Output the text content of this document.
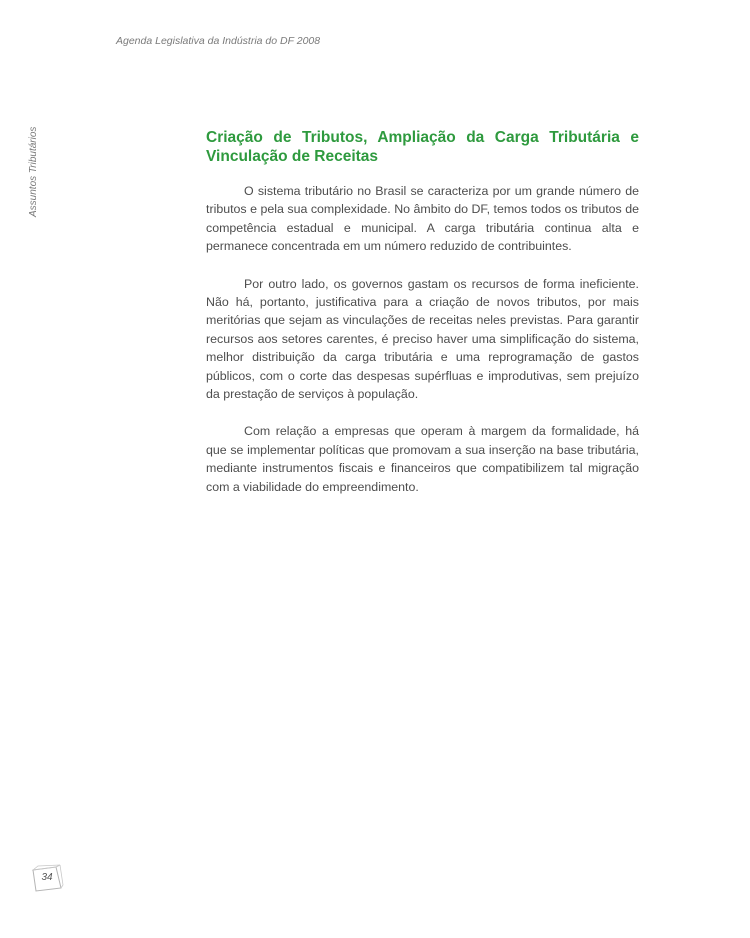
Agenda Legislativa da Indústria do DF 2008
Assuntos Tributários	Criação de Tributos, Ampliação da Carga Tributária e Vinculação de Receitas

O sistema tributário no Brasil se caracteriza por um grande número de tributos e pela sua complexidade. No âmbito do DF, temos todos os tributos de competência estadual e municipal. A carga tributária continua alta e permanece concentrada em um número reduzido de contribuintes.

Por outro lado, os governos gastam os recursos de forma ineficiente. Não há, portanto, justificativa para a criação de novos tributos, por mais meritórias que sejam as vinculações de receitas neles previstas. Para garantir recursos aos setores carentes, é preciso haver uma simplificação do sistema, melhor distribuição da carga tributária e uma reprogramação de gastos públicos, com o corte das despesas supérfluas e improdutivas, sem prejuízo da prestação de serviços à população.

Com relação a empresas que operam à margem da formalidade, há que se implementar políticas que promovam a sua inserção na base tributária, mediante instrumentos fiscais e financeiros que compatibilizem tal migração com a viabilidade do empreendimento.

34
